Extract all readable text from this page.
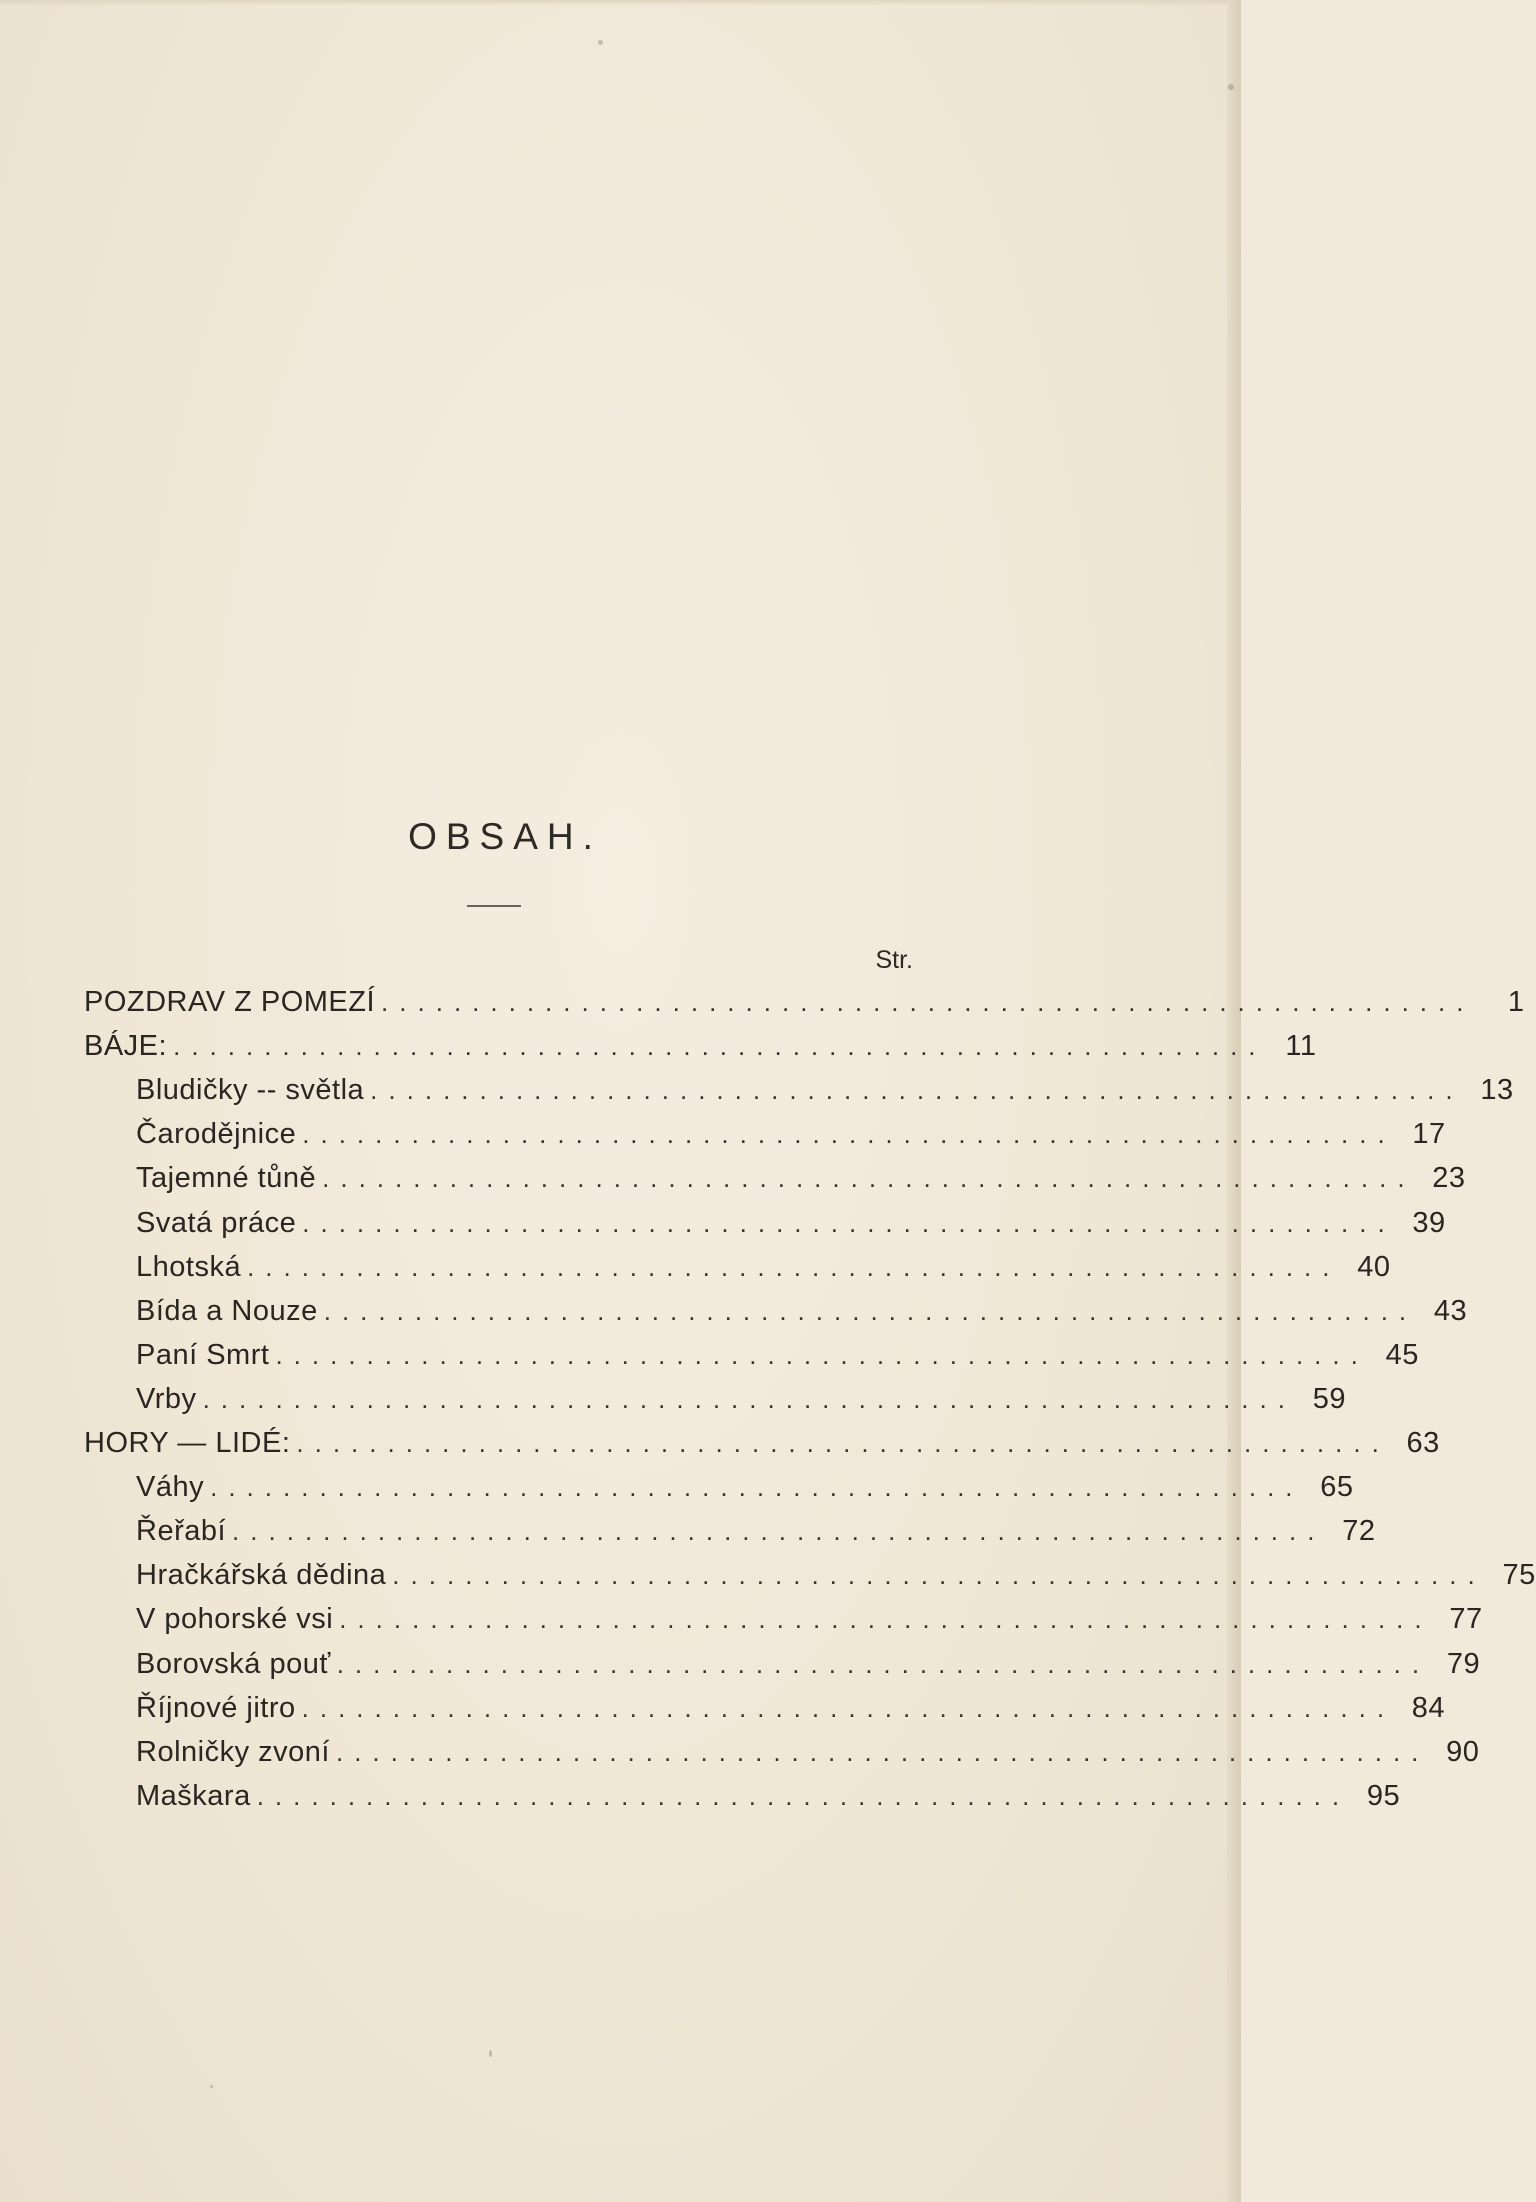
OBSAH.
Str.
POZDRAV Z POMEZÍ ............................................................	1
BÁJE: ............................................................ 11
Bludičky -- světla ............................................................ 13
Čarodějnice ............................................................ 17
Tajemné tůně ............................................................ 23
Svatá práce ............................................................ 39
Lhotská ............................................................ 40
Bída a Nouze ............................................................ 43
Paní Smrt ............................................................ 45
Vrby ............................................................ 59
HORY — LIDÉ: ............................................................ 63
Váhy ............................................................ 65
Řeřabí ............................................................ 72
Hračkářská dědina ............................................................ 75
V pohorské vsi ............................................................ 77
Borovská pouť ............................................................ 79
Říjnové jitro ............................................................ 84
Rolničky zvoní ............................................................ 90
Maškara ............................................................ 95
